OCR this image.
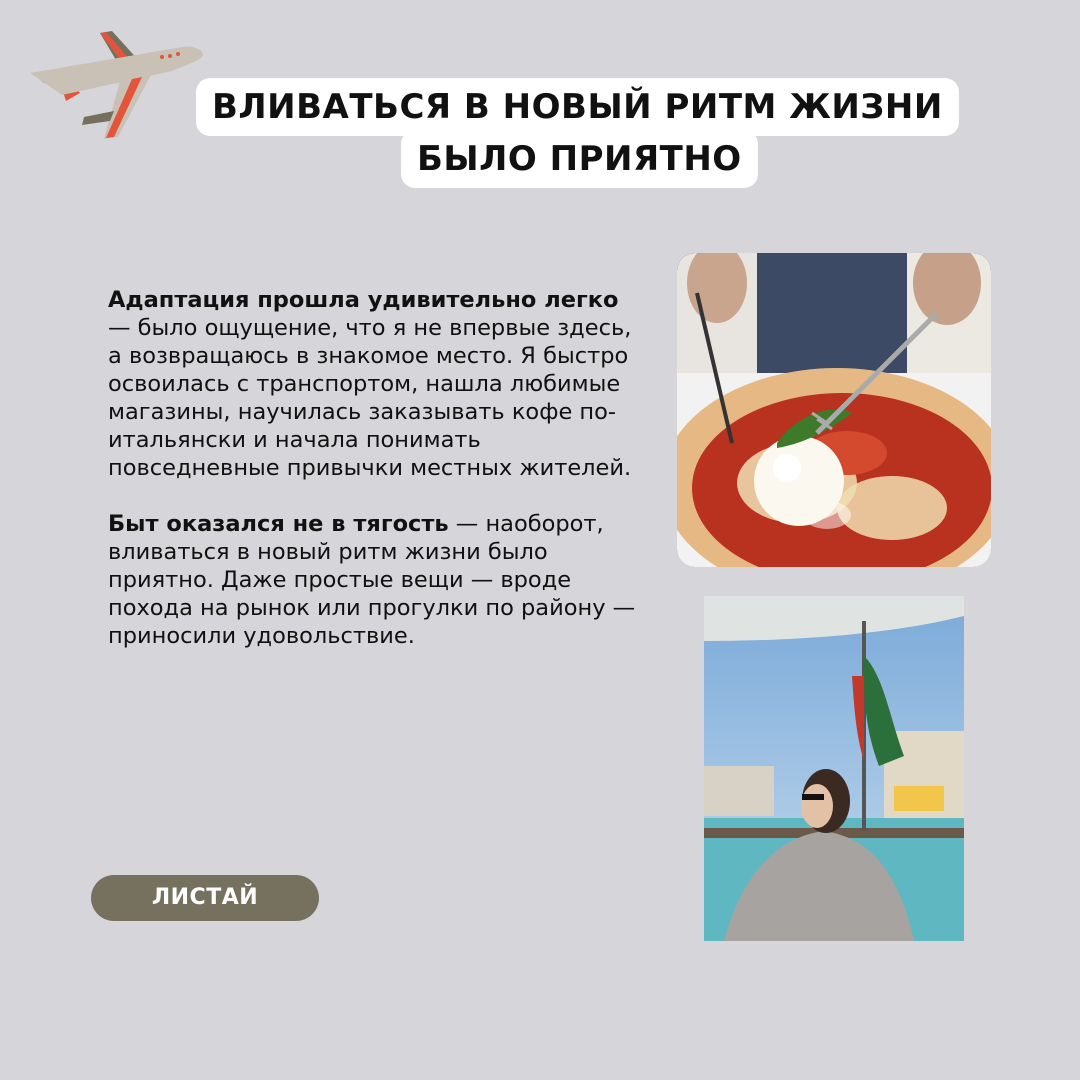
ВЛИВАТЬСЯ В НОВЫЙ РИТМ ЖИЗНИ
БЫЛО ПРИЯТНО

Адаптация прошла удивительно легко — было ощущение, что я не впервые здесь, а возвращаюсь в знакомое место. Я быстро освоилась с транспортом, нашла любимые магазины, научилась заказывать кофе по-итальянски и начала понимать повседневные привычки местных жителей.

Быт оказался не в тягость — наоборот, вливаться в новый ритм жизни было приятно. Даже простые вещи — вроде похода на рынок или прогулки по району — приносили удовольствие.

ЛИСТАЙ
